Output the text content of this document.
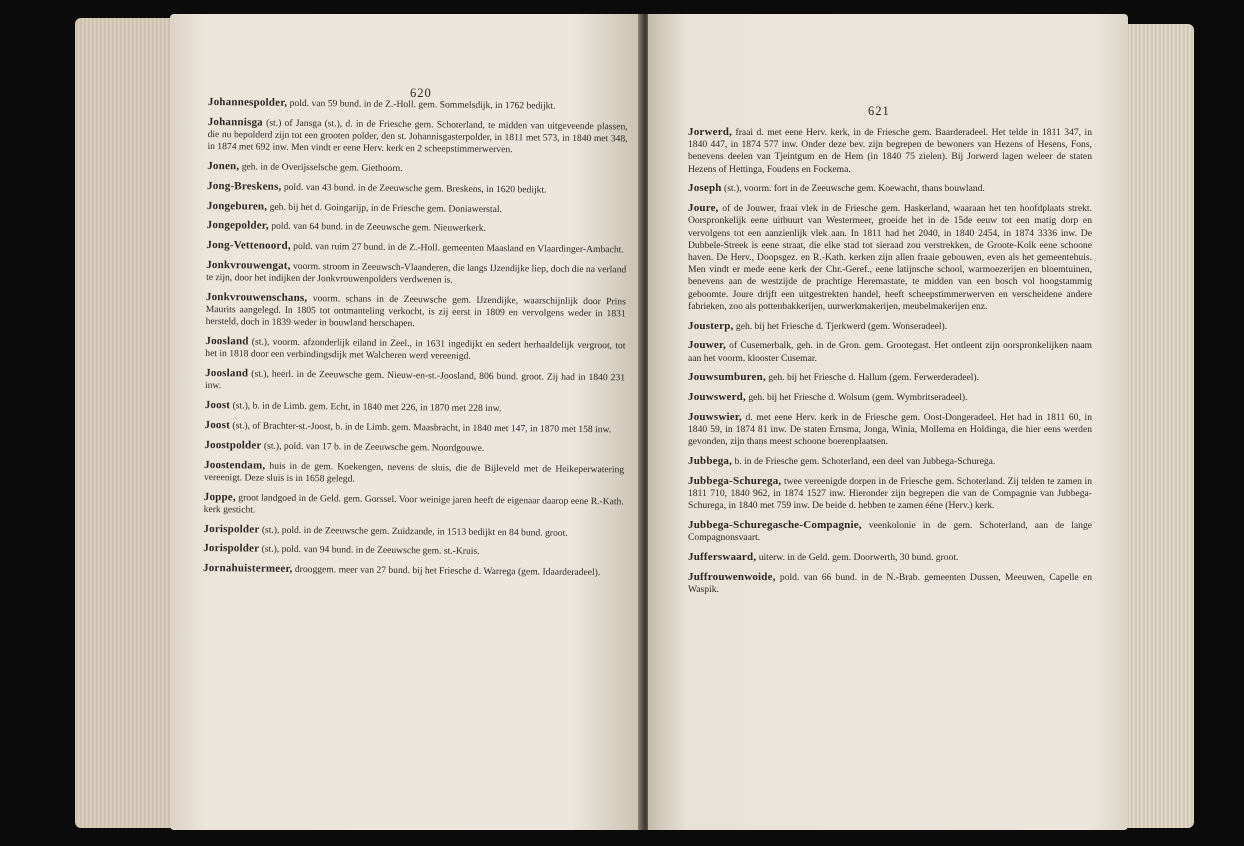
620

Johannespolder, pold. van 59 bund. in de Z.-Holl. gem. Sommelsdijk, in 1762 bedijkt.

Johannisga (st.) of Jansga (st.), d. in de Friesche gem. Schoterland, te midden van uitgeveende plassen, die nu bepolderd zijn tot een grooten polder, den st. Johannisgasterpolder, in 1811 met 573, in 1840 met 348, in 1874 met 692 inw. Men vindt er eene Herv. kerk en 2 scheepstimmerwerven.

Jonen, geh. in de Overijsselsche gem. Giethoorn.

Jong-Breskens, pold. van 43 bund. in de Zeeuwsche gem. Breskens, in 1620 bedijkt.

Jongeburen, geh. bij het d. Goingarijp, in de Friesche gem. Doniawerstal.

Jongepolder, pold. van 64 bund. in de Zeeuwsche gem. Nieuwerkerk.

Jong-Vettenoord, pold. van ruim 27 bund. in de Z.-Holl. gemeenten Maasland en Vlaardinger-Ambacht.

Jonkvrouwengat, voorm. stroom in Zeeuwsch-Vlaanderen, die langs IJzendijke liep, doch die na verland te zijn, door het indijken der Jonkvrouwenpolders verdwenen is.

Jonkvrouwenschans, voorm. schans in de Zeeuwsche gem. IJzendijke, waarschijnlijk door Prins Maurits aangelegd. In 1805 tot ontmanteling verkocht, is zij eerst in 1809 en vervolgens weder in 1831 hersteld, doch in 1839 weder in bouwland herschapen.

Joosland (st.), voorm. afzonderlijk eiland in Zeel., in 1631 ingedijkt en sedert herhaaldelijk vergroot, tot het in 1818 door een verbindingsdijk met Walcheren werd vereenigd.

Joosland (st.), heerl. in de Zeeuwsche gem. Nieuw-en-st.-Joosland, 806 bund. groot. Zij had in 1840 231 inw.

Joost (st.), b. in de Limb. gem. Echt, in 1840 met 226, in 1870 met 228 inw.

Joost (st.), of Brachter-st.-Joost, b. in de Limb. gem. Maasbracht, in 1840 met 147, in 1870 met 158 inw.

Joostpolder (st.), pold. van 17 b. in de Zeeuwsche gem. Noordgouwe.

Joostendam, huis in de gem. Koekengen, nevens de sluis, die de Bijleveld met de Heikeperwatering vereenigt. Deze sluis is in 1658 gelegd.

Joppe, groot landgoed in de Geld. gem. Gorssel. Voor weinige jaren heeft de eigenaar daarop eene R.-Kath. kerk gesticht.

Jorispolder (st.), pold. in de Zeeuwsche gem. Zuidzande, in 1513 bedijkt en 84 bund. groot.

Jorispolder (st.), pold. van 94 bund. in de Zeeuwsche gem. st.-Kruis.

Jornahuistermeer, drooggem. meer van 27 bund. bij het Friesche d. Warrega (gem. Idaarderadeel).

621

Jorwerd, fraai d. met eene Herv. kerk, in de Friesche gem. Baarderadeel. Het telde in 1811 347, in 1840 447, in 1874 577 inw. Onder deze bev. zijn begrepen de bewoners van Hezens of Hesens, Fons, benevens deelen van Tjeintgum en de Hem (in 1840 75 zielen). Bij Jorwerd lagen weleer de staten Hezens of Hettinga, Foudens en Fockema.

Joseph (st.), voorm. fort in de Zeeuwsche gem. Koewacht, thans bouwland.

Joure, of de Jouwer, fraai vlek in de Friesche gem. Haskerland, waaraan het ten hoofdplaats strekt. Oorspronkelijk eene uitbuurt van Westermeer, groeide het in de 15de eeuw tot een matig dorp en vervolgens tot een aanzienlijk vlek aan. In 1811 had het 2040, in 1840 2454, in 1874 3336 inw. De Dubbele-Streek is eene straat, die elke stad tot sieraad zou verstrekken, de Groote-Kolk eene schoone haven. De Herv., Doopsgez. en R.-Kath. kerken zijn allen fraaie gebouwen, even als het gemeentehuis. Men vindt er mede eene kerk der Chr.-Geref., eene latijnsche school, warmoezerijen en bloemtuinen, benevens aan de westzijde de prachtige Heremastate, te midden van een bosch vol hoogstammig geboomte. Joure drijft een uitgestrekten handel, heeft scheepstimmerwerven en verscheidene andere fabrieken, zoo als pottenbakkerijen, uurwerkmakerijen, meubelmakerijen enz.

Jousterp, geh. bij het Friesche d. Tjerkwerd (gem. Wonseradeel).

Jouwer, of Cusemerbalk, geh. in de Gron. gem. Grootegast. Het ontleent zijn oorspronkelijken naam aan het voorm. klooster Cusemar.

Jouwsumburen, geh. bij het Friesche d. Hallum (gem. Ferwerderadeel).

Jouwswerd, geh. bij het Friesche d. Wolsum (gem. Wymbritseradeel).

Jouwswier, d. met eene Herv. kerk in de Friesche gem. Oost-Dongeradeel. Het had in 1811 60, in 1840 59, in 1874 81 inw. De staten Ernsma, Jonga, Winia, Mollema en Holdinga, die hier eens werden gevonden, zijn thans meest schoone boerenplaatsen.

Jubbega, b. in de Friesche gem. Schoterland, een deel van Jubbega-Schurega.

Jubbega-Schurega, twee vereenigde dorpen in de Friesche gem. Schoterland. Zij telden te zamen in 1811 710, 1840 962, in 1874 1527 inw. Hieronder zijn begrepen die van de Compagnie van Jubbega-Schurega, in 1840 met 759 inw. De beide d. hebben te zamen ééne (Herv.) kerk.

Jubbega-Schuregasche-Compagnie, veenkolonie in de gem. Schoterland, aan de lange Compagnonsvaart.

Jufferswaard, uiterw. in de Geld. gem. Doorwerth, 30 bund. groot.

Juffrouwenwoide, pold. van 66 bund. in de N.-Brab. gemeenten Dussen, Meeuwen, Capelle en Waspik.
